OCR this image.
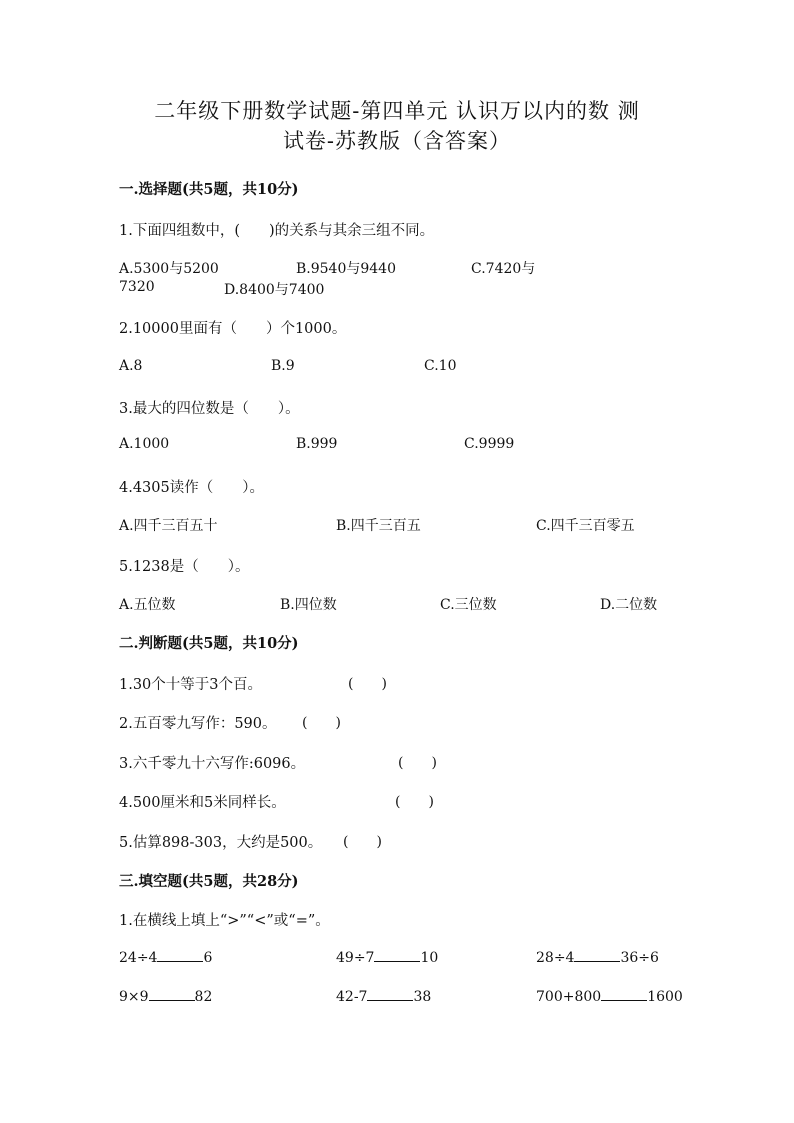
二年级下册数学试题-第四单元 认识万以内的数 测
试卷-苏教版（含答案）
一.选择题(共5题，共10分)
1.下面四组数中，(　　)的关系与其余三组不同。
A.5300与5200	B.9540与9440	C.7420与
7320	D.8400与7400
2.10000里面有（　　）个1000。
A.8	B.9	C.10
3.最大的四位数是（　　）。
A.1000	B.999	C.9999
4.4305读作（　　）。
A.四千三百五十	B.四千三百五	C.四千三百零五
5.1238是（　　）。
A.五位数	B.四位数	C.三位数	D.二位数
二.判断题(共5题，共10分)
1.30个十等于3个百。	(　　)
2.五百零九写作：590。 (　　)
3.六千零九十六写作:6096。	(　　)
4.500厘米和5米同样长。	(　　)
5.估算898-303，大约是500。 (　　)
三.填空题(共5题，共28分)
1.在横线上填上“>”“<”或“=”。
24÷4	6	49÷7	10	28÷4	36÷6
9×9	82	42-7	38	700+800	1600
